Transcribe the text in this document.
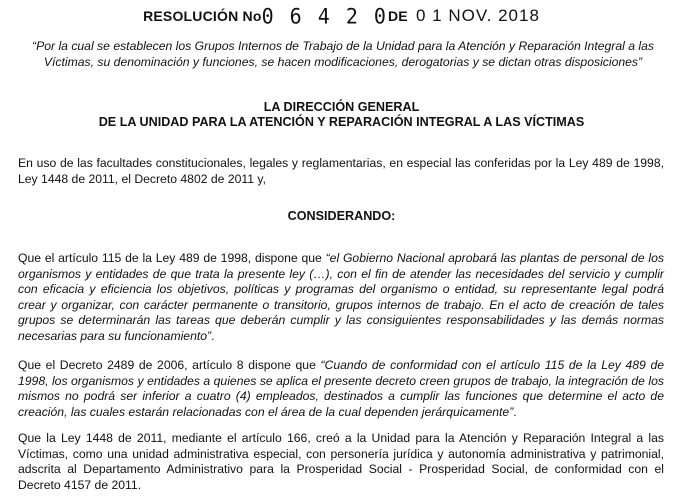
RESOLUCIÓN No0 6 4 2 0DE 0 1 NOV. 2018
“Por la cual se establecen los Grupos Internos de Trabajo de la Unidad para la Atención y Reparación Integral a las Víctimas, su denominación y funciones, se hacen modificaciones, derogatorias y se dictan otras disposiciones”
LA DIRECCIÓN GENERAL
DE LA UNIDAD PARA LA ATENCIÓN Y REPARACIÓN INTEGRAL A LAS VÍCTIMAS

En uso de las facultades constitucionales, legales y reglamentarias, en especial las conferidas por la Ley 489 de 1998, Ley 1448 de 2011, el Decreto 4802 de 2011 y,

CONSIDERANDO:

Que el artículo 115 de la Ley 489 de 1998, dispone que “el Gobierno Nacional aprobará las plantas de personal de los organismos y entidades de que trata la presente ley (…), con el fin de atender las necesidades del servicio y cumplir con eficacia y eficiencia los objetivos, políticas y programas del organismo o entidad, su representante legal podrá crear y organizar, con carácter permanente o transitorio, grupos internos de trabajo. En el acto de creación de tales grupos se determinarán las tareas que deberán cumplir y las consiguientes responsabilidades y las demás normas necesarias para su funcionamiento”.

Que el Decreto 2489 de 2006, artículo 8 dispone que “Cuando de conformidad con el artículo 115 de la Ley 489 de 1998, los organismos y entidades a quienes se aplica el presente decreto creen grupos de trabajo, la integración de los mismos no podrá ser inferior a cuatro (4) empleados, destinados a cumplir las funciones que determine el acto de creación, las cuales estarán relacionadas con el área de la cual dependen jerárquicamente”.

Que la Ley 1448 de 2011, mediante el artículo 166, creó a la Unidad para la Atención y Reparación Integral a las Víctimas, como una unidad administrativa especial, con personería jurídica y autonomía administrativa y patrimonial, adscrita al Departamento Administrativo para la Prosperidad Social - Prosperidad Social, de conformidad con el Decreto 4157 de 2011.
